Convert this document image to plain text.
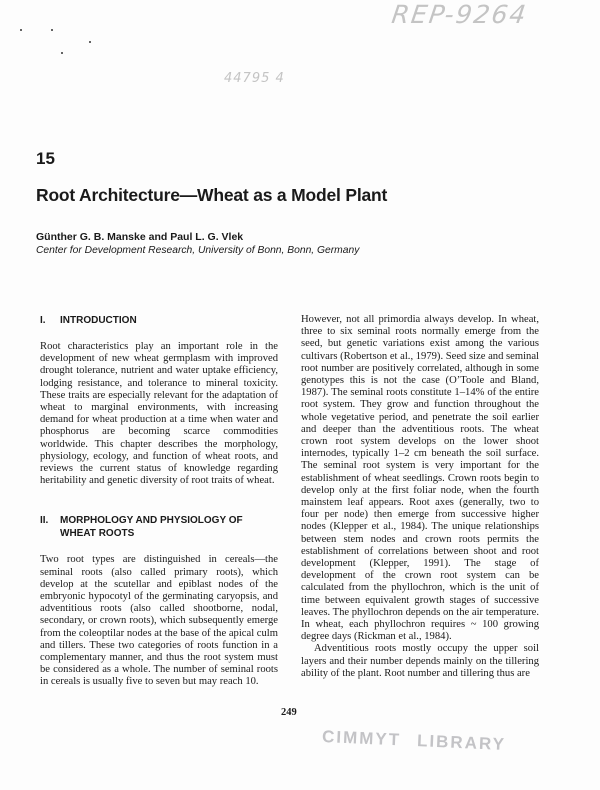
REP-9264
44795 4
15
Root Architecture—Wheat as a Model Plant
Günther G. B. Manske and Paul L. G. Vlek
Center for Development Research, University of Bonn, Bonn, Germany
I.	INTRODUCTION

Root characteristics play an important role in the development of new wheat germplasm with improved drought tolerance, nutrient and water uptake efficiency, lodging resistance, and tolerance to mineral toxicity. These traits are especially relevant for the adaptation of wheat to marginal environments, with increasing demand for wheat production at a time when water and phosphorus are becoming scarce commodities worldwide. This chapter describes the morphology, physiology, ecology, and function of wheat roots, and reviews the current status of knowledge regarding heritability and genetic diversity of root traits of wheat.

II.	MORPHOLOGY AND PHYSIOLOGY OF WHEAT ROOTS

Two root types are distinguished in cereals—the seminal roots (also called primary roots), which develop at the scutellar and epiblast nodes of the embryonic hypocotyl of the germinating caryopsis, and adventitious roots (also called shootborne, nodal, secondary, or crown roots), which subsequently emerge from the coleoptilar nodes at the base of the apical culm and tillers. These two categories of roots function in a complementary manner, and thus the root system must be considered as a whole. The number of seminal roots in cereals is usually five to seven but may reach 10.

However, not all primordia always develop. In wheat, three to six seminal roots normally emerge from the seed, but genetic variations exist among the various cultivars (Robertson et al., 1979). Seed size and seminal root number are positively correlated, although in some genotypes this is not the case (O’Toole and Bland, 1987). The seminal roots constitute 1–14% of the entire root system. They grow and function throughout the whole vegetative period, and penetrate the soil earlier and deeper than the adventitious roots. The wheat crown root system develops on the lower shoot internodes, typically 1–2 cm beneath the soil surface. The seminal root system is very important for the establishment of wheat seedlings. Crown roots begin to develop only at the first foliar node, when the fourth mainstem leaf appears. Root axes (generally, two to four per node) then emerge from successive higher nodes (Klepper et al., 1984). The unique relationships between stem nodes and crown roots permits the establishment of correlations between shoot and root development (Klepper, 1991). The stage of development of the crown root system can be calculated from the phyllochron, which is the unit of time between equivalent growth stages of successive leaves. The phyllochron depends on the air temperature. In wheat, each phyllochron requires ~ 100 growing degree days (Rickman et al., 1984).

Adventitious roots mostly occupy the upper soil layers and their number depends mainly on the tillering ability of the plant. Root number and tillering thus are

249
CIMMYT LIBRARY
